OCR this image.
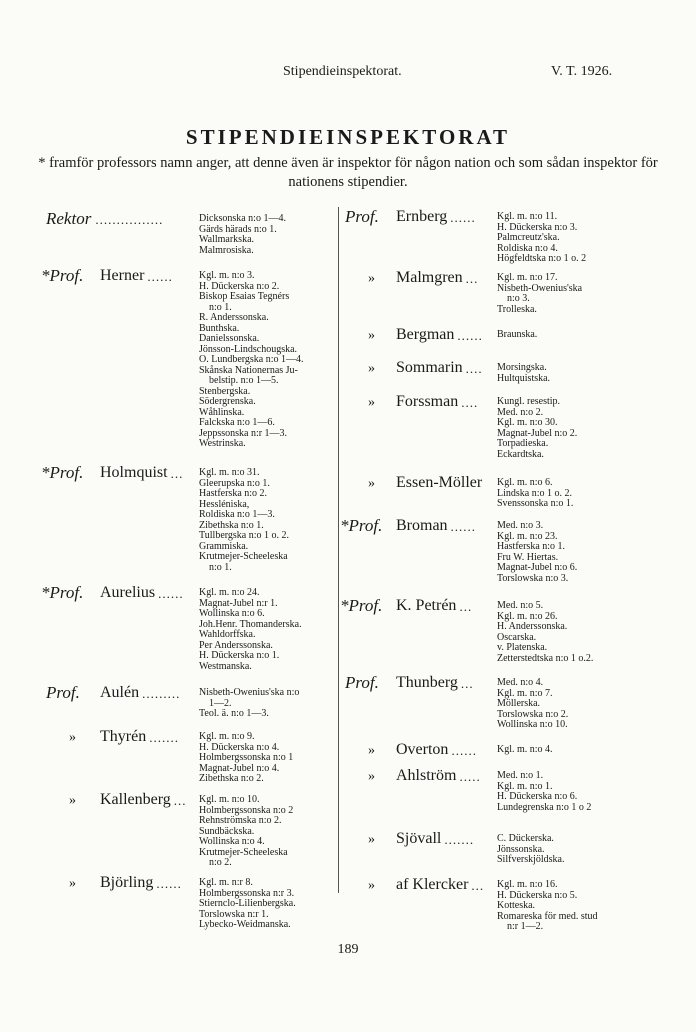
Stipendieinspektorat.	V. T. 1926.
STIPENDIEINSPEKTORAT
* framför professors namn anger, att denne även är inspektor för någon nation och som sådan inspektor för nationens stipendier.
Rektor ................	Dicksonska n:o 1—4.
Gärds härads n:o 1.
Wallmarkska.
Malmrosiska.
*Prof. Herner ......	Kgl. m. n:o 3.
H. Dückerska n:o 2.
Biskop Esaias Tegnérs
n:o 1.
R. Anderssonska.
Bunthska.
Danielssonska.
Jönsson-Lindschougska.
O. Lundbergska n:o 1—4.
Skånska Nationernas Ju-
belstip. n:o 1—5.
Stenbergska.
Södergrenska.
Wåhlinska.
Falckska n:o 1—6.
Jeppssonska n:r 1—3.
Westrinska.
*Prof. Holmquist ...	Kgl. m. n:o 31.
Gleerupska n:o 1.
Hastferska n:o 2.
Hessléniska,
Roldiska n:o 1—3.
Zibethska n:o 1.
Tullbergska n:o 1 o. 2.
Grammiska.
Krutmejer-Scheeleska
n:o 1.
*Prof. Aurelius ......	Kgl. m. n:o 24.
Magnat-Jubel n:r 1.
Wollinska n:o 6.
Joh.Henr. Thomanderska.
Wahldorffska.
Per Anderssonska.
H. Dückerska n:o 1.
Westmanska.
Prof. Aulén .........	Nisbeth-Owenius'ska n:o
1—2.
Teol. ä. n:o 1—3.
» Thyrén .......	Kgl. m. n:o 9.
H. Dückerska n:o 4.
Holmbergssonska n:o 1
Magnat-Jubel n:o 4.
Zibethska n:o 2.
» Kallenberg ...	Kgl. m. n:o 10.
Holmbergssonska n:o 2
Rehnströmska n:o 2.
Sundbäckska.
Wollinska n:o 4.
Krutmejer-Scheeleska
n:o 2.
» Björling ......	Kgl. m. n:r 8.
Holmbergssonska n:r 3.
Stiernclo-Lilienbergska.
Torslowska n:r 1.
Lybecko-Weidmanska.
Prof. Ernberg ......	Kgl. m. n:o 11.
H. Dückerska n:o 3.
Palmcreutz'ska.
Roldiska n:o 4.
Högfeldtska n:o 1 o. 2
» Malmgren ...	Kgl. m. n:o 17.
Nisbeth-Owenius'ska
n:o 3.
Trolleska.
» Bergman ......	Braunska.
» Sommarin ....	Morsingska.
Hultquistska.
» Forssman ....	Kungl. resestip.
Med. n:o 2.
Kgl. m. n:o 30.
Magnat-Jubel n:o 2.
Torpadieska.
Eckardtska.
» Essen-Möller Kgl. m. n:o 6.
Lindska n:o 1 o. 2.
Svenssonska n:o 1.
*Prof. Broman ......	Med. n:o 3.
Kgl. m. n:o 23.
Hastferska n:o 1.
Fru W. Hiertas.
Magnat-Jubel n:o 6.
Torslowska n:o 3.
*Prof. K. Petrén ...	Med. n:o 5.
Kgl. m. n:o 26.
H. Anderssonska.
Oscarska.
v. Platenska.
Zetterstedtska n:o 1 o.2.
Prof. Thunberg ...	Med. n:o 4.
Kgl. m. n:o 7.
Möllerska.
Torslowska n:o 2.
Wollinska n:o 10.
» Overton ......	Kgl. m. n:o 4.
» Ahlström .....	Med. n:o 1.
Kgl. m. n:o 1.
H. Dückerska n:o 6.
Lundegrenska n:o 1 o 2
» Sjövall .......	C. Dückerska.
Jönssonska.
Silfverskjöldska.
» af Klercker ...	Kgl. m. n:o 16.
H. Dückerska n:o 5.
Kotteska.
Romareska för med. stud
n:r 1—2.
189
